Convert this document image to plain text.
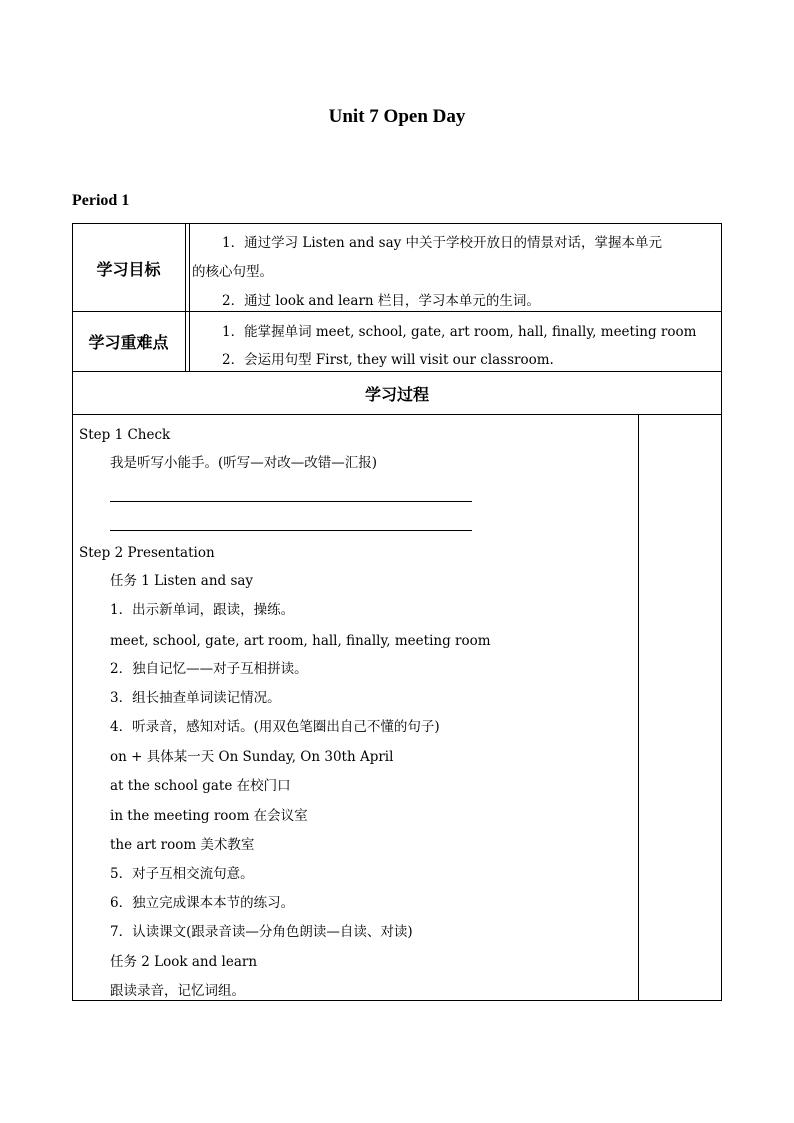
Unit 7 Open Day
Period 1
学习目标
1．通过学习 Listen and say 中关于学校开放日的情景对话，掌握本单元
的核心句型。
2．通过 look and learn 栏目，学习本单元的生词。
学习重难点
1．能掌握单词 meet, school, gate, art room, hall, finally, meeting room
2．会运用句型 First, they will visit our classroom.
学习过程
Step 1 Check
我是听写小能手。(听写—对改—改错—汇报)
Step 2 Presentation
任务 1 Listen and say
1．出示新单词，跟读，操练。
meet, school, gate, art room, hall, finally, meeting room
2．独自记忆——对子互相拼读。
3．组长抽查单词读记情况。
4．听录音，感知对话。(用双色笔圈出自己不懂的句子)
on + 具体某一天 On Sunday, On 30th April
at the school gate 在校门口
in the meeting room 在会议室
the art room 美术教室
5．对子互相交流句意。
6．独立完成课本本节的练习。
7．认读课文(跟录音读—分角色朗读—自读、对读)
任务 2 Look and learn
跟读录音，记忆词组。
